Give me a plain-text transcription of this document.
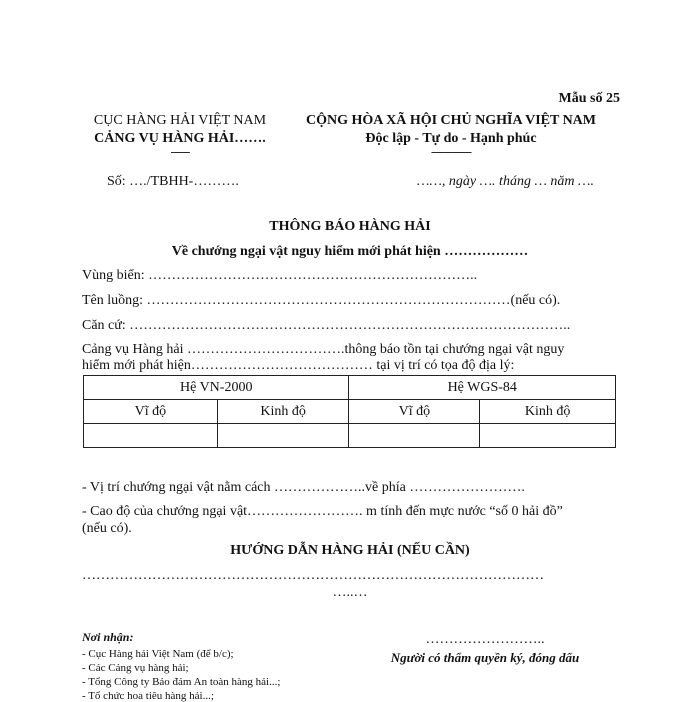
Mẫu số 25
CỤC HÀNG HẢI VIỆT NAM
CẢNG VỤ HÀNG HẢI…….
-------
CỘNG HÒA XÃ HỘI CHỦ NGHĨA VIỆT NAM
Độc lập - Tự do - Hạnh phúc
---------------
Số: …./TBHH-……….	……, ngày …. tháng … năm ….
THÔNG BÁO HÀNG HẢI
Về chướng ngại vật nguy hiểm mới phát hiện ………………
Vùng biển: ……………………………………………………………..
Tên luồng: ……………………………………………………………………(nếu có).
Căn cứ: …………………………………………………………………………………..
Cảng vụ Hàng hải …………………………….thông báo tồn tại chướng ngại vật nguy
hiểm mới phát hiện………………………………… tại vị trí có tọa độ địa lý:
Hệ VN-2000		Hệ WGS-84	
Vĩ độ	Kinh độ	Vĩ độ	Kinh độ

- Vị trí chướng ngại vật nằm cách ………………..về phía …………………….
- Cao độ của chướng ngại vật……………………. m tính đến mực nước “số 0 hải đồ”
(nếu có).
HƯỚNG DẪN HÀNG HẢI (NẾU CẦN)
………………………………………………………………………………………
…..…
Nơi nhận:
- Cục Hàng hải Việt Nam (để b/c);
- Các Cảng vụ hàng hải;
- Tổng Công ty Bảo đảm An toàn hàng hải...;
- Tổ chức hoa tiêu hàng hải...;
……………………..
Người có thẩm quyền ký, đóng dấu
